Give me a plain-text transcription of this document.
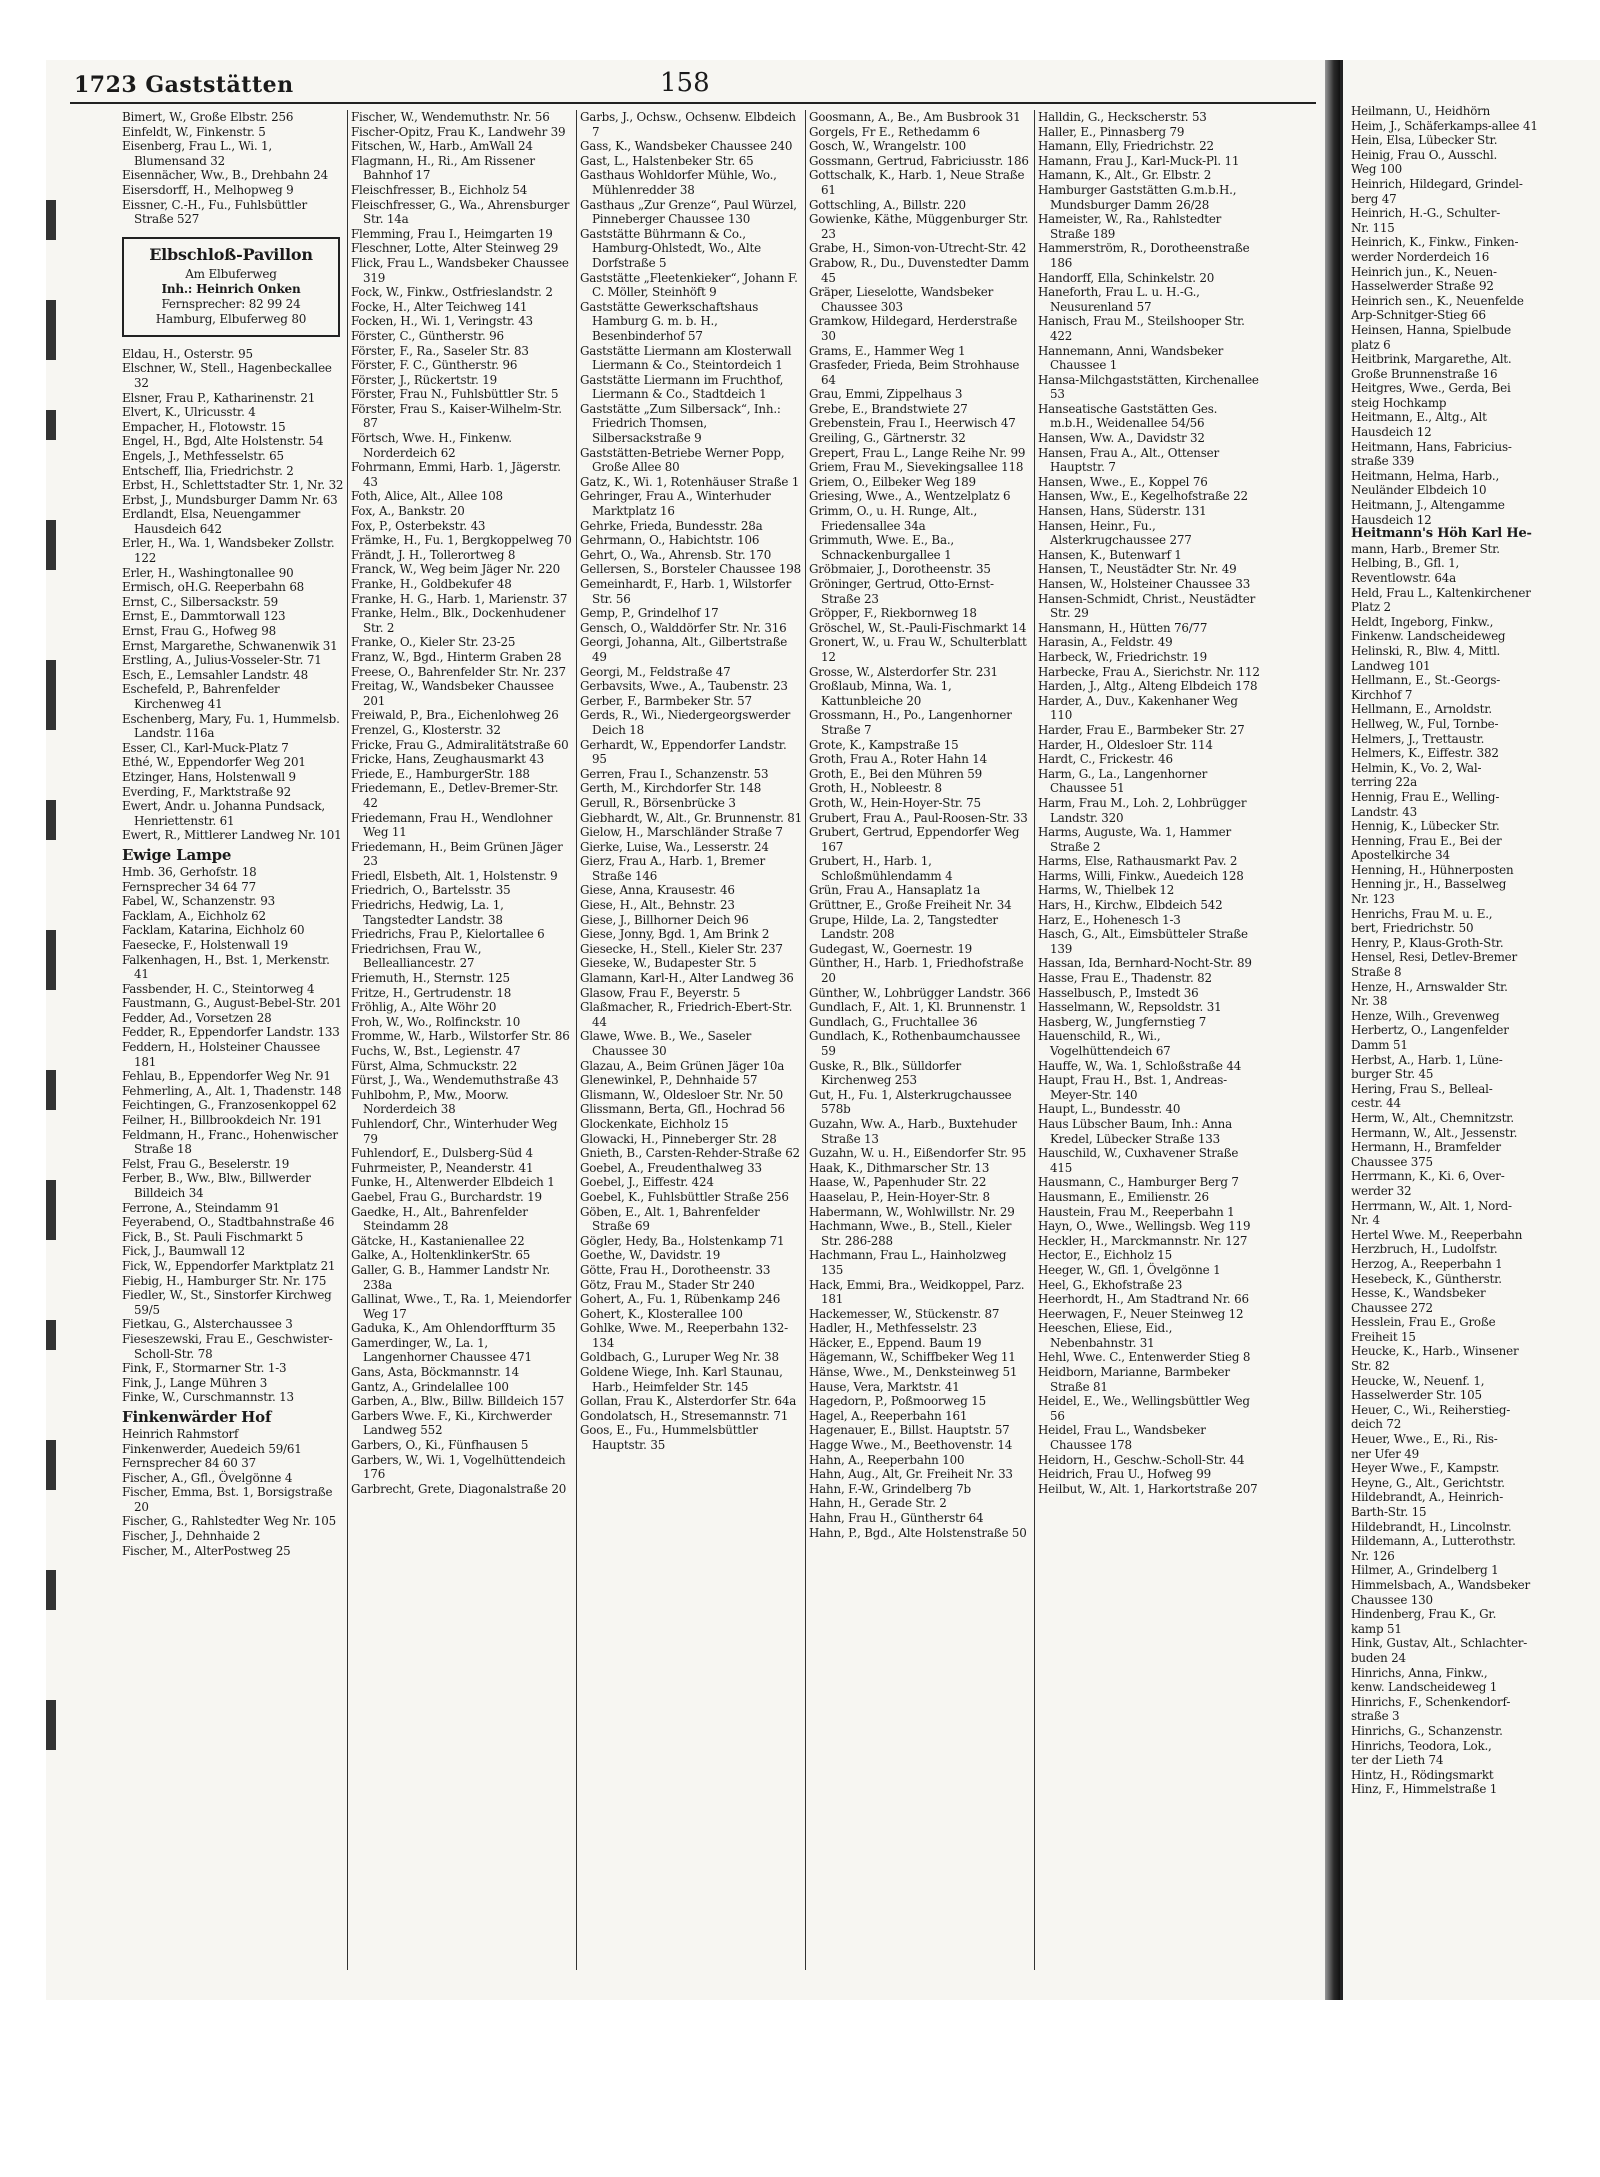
Heilmann, U., Heidhörn
Heim, J., Schäferkamps-allee 41
Hein, Elsa, Lübecker Str.
Heinig, Frau O., Ausschl.
Weg 100
Heinrich, Hildegard, Grindel-
berg 47
Heinrich, H.-G., Schulter-
Nr. 115
Heinrich, K., Finkw., Finken-
werder Norderdeich 16
Heinrich jun., K., Neuen-
Hasselwerder Straße 92
Heinrich sen., K., Neuenfelde
Arp-Schnitger-Stieg 66
Heinsen, Hanna, Spielbude
platz 6
Heitbrink, Margarethe, Alt.
Große Brunnenstraße 16
Heitgres, Wwe., Gerda, Bei
steig Hochkamp
Heitmann, E., Altg., Alt
Hausdeich 12
Heitmann, Hans, Fabricius-
straße 339
Heitmann, Helma, Harb.,
Neuländer Elbdeich 10
Heitmann, J., Altengamme
Hausdeich 12
Heitmann's Höh Karl He-
mann, Harb., Bremer Str.
Helbing, B., Gfl. 1,
Reventlowstr. 64a
Held, Frau L., Kaltenkirchener
Platz 2
Heldt, Ingeborg, Finkw.,
Finkenw. Landscheideweg
Helinski, R., Blw. 4, Mittl.
Landweg 101
Hellmann, E., St.-Georgs-
Kirchhof 7
Hellmann, E., Arnoldstr.
Hellweg, W., Ful, Tornbe-
Helmers, J., Trettaustr.
Helmers, K., Eiffestr. 382
Helmin, K., Vo. 2, Wal-
terring 22a
Hennig, Frau E., Welling-
Landstr. 43
Hennig, K., Lübecker Str.
Henning, Frau E., Bei der
Apostelkirche 34
Henning, H., Hühnerposten
Henning jr., H., Basselweg
Nr. 123
Henrichs, Frau M. u. E.,
bert, Friedrichstr. 50
Henry, P., Klaus-Groth-Str.
Hensel, Resi, Detlev-Bremer
Straße 8
Henze, H., Arnswalder Str.
Nr. 38
Henze, Wilh., Grevenweg
Herbertz, O., Langenfelder
Damm 51
Herbst, A., Harb. 1, Lüne-
burger Str. 45
Hering, Frau S., Belleal-
cestr. 44
Herm, W., Alt., Chemnitzstr.
Hermann, W., Alt., Jessenstr.
Hermann, H., Bramfelder
Chaussee 375
Herrmann, K., Ki. 6, Over-
werder 32
Herrmann, W., Alt. 1, Nord-
Nr. 4
Hertel Wwe. M., Reeperbahn
Herzbruch, H., Ludolfstr.
Herzog, A., Reeperbahn 1
Hesebeck, K., Güntherstr.
Hesse, K., Wandsbeker
Chaussee 272
Hesslein, Frau E., Große
Freiheit 15
Heucke, K., Harb., Winsener
Str. 82
Heucke, W., Neuenf. 1,
Hasselwerder Str. 105
Heuer, C., Wi., Reiherstieg-
deich 72
Heuer, Wwe., E., Ri., Ris-
ner Ufer 49
Heyer Wwe., F., Kampstr.
Heyne, G., Alt., Gerichtstr.
Hildebrandt, A., Heinrich-
Barth-Str. 15
Hildebrandt, H., Lincolnstr.
Hildemann, A., Lutterothstr.
Nr. 126
Hilmer, A., Grindelberg 1
Himmelsbach, A., Wandsbeker
Chaussee 130
Hindenberg, Frau K., Gr.
kamp 51
Hink, Gustav, Alt., Schlachter-
buden 24
Hinrichs, Anna, Finkw.,
kenw. Landscheideweg 1
Hinrichs, F., Schenkendorf-
straße 3
Hinrichs, G., Schanzenstr.
Hinrichs, Teodora, Lok.,
ter der Lieth 74
Hintz, H., Rödingsmarkt
Hinz, F., Himmelstraße 1
1723 Gaststätten	158
Bimert, W., Große Elbstr. 256
Einfeldt, W., Finkenstr. 5
Eisenberg, Frau L., Wi. 1, Blumensand 32
Eisennächer, Ww., B., Drehbahn 24
Eisersdorff, H., Melhopweg 9
Eissner, C.-H., Fu., Fuhlsbüttler Straße 527
Elbschloß-Pavillon
Am Elbuferweg
Inh.: Heinrich Onken
Fernsprecher: 82 99 24
Hamburg, Elbuferweg 80
Eldau, H., Osterstr. 95
Elschner, W., Stell., Hagenbeckallee 32
Elsner, Frau P., Katharinenstr. 21
Elvert, K., Ulricusstr. 4
Empacher, H., Flotowstr. 15
Engel, H., Bgd, Alte Holstenstr. 54
Engels, J., Methfesselstr. 65
Entscheff, Ilia, Friedrichstr. 2
Erbst, H., Schlettstadter Str. 1, Nr. 32
Erbst, J., Mundsburger Damm Nr. 63
Erdlandt, Elsa, Neuengammer Hausdeich 642
Erler, H., Wa. 1, Wandsbeker Zollstr. 122
Erler, H., Washingtonallee 90
Ermisch, oH.G. Reeperbahn 68
Ernst, C., Silbersackstr. 59
Ernst, E., Dammtorwall 123
Ernst, Frau G., Hofweg 98
Ernst, Margarethe, Schwanenwik 31
Erstling, A., Julius-Vosseler-Str. 71
Esch, E., Lemsahler Landstr. 48
Eschefeld, P., Bahrenfelder Kirchenweg 41
Eschenberg, Mary, Fu. 1, Hummelsb. Landstr. 116a
Esser, Cl., Karl-Muck-Platz 7
Ethé, W., Eppendorfer Weg 201
Etzinger, Hans, Holstenwall 9
Everding, F., Marktstraße 92
Ewert, Andr. u. Johanna Pundsack, Henriettenstr. 61
Ewert, R., Mittlerer Landweg Nr. 101
Ewige Lampe
Hmb. 36, Gerhofstr. 18
Fernsprecher 34 64 77
Fabel, W., Schanzenstr. 93
Facklam, A., Eichholz 62
Facklam, Katarina, Eichholz 60
Faesecke, F., Holstenwall 19
Falkenhagen, H., Bst. 1, Merkenstr. 41
Fassbender, H. C., Steintorweg 4
Faustmann, G., August-Bebel-Str. 201
Fedder, Ad., Vorsetzen 28
Fedder, R., Eppendorfer Landstr. 133
Feddern, H., Holsteiner Chaussee 181
Fehlau, B., Eppendorfer Weg Nr. 91
Fehmerling, A., Alt. 1, Thadenstr. 148
Feichtingen, G., Franzosenkoppel 62
Feilner, H., Billbrookdeich Nr. 191
Feldmann, H., Franc., Hohenwischer Straße 18
Felst, Frau G., Beselerstr. 19
Ferber, B., Ww., Blw., Billwerder Billdeich 34
Ferrone, A., Steindamm 91
Feyerabend, O., Stadtbahnstraße 46
Fick, B., St. Pauli Fischmarkt 5
Fick, J., Baumwall 12
Fick, W., Eppendorfer Marktplatz 21
Fiebig, H., Hamburger Str. Nr. 175
Fiedler, W., St., Sinstorfer Kirchweg 59/5
Fietkau, G., Alsterchaussee 3
Fieseszewski, Frau E., Geschwister-Scholl-Str. 78
Fink, F., Stormarner Str. 1-3
Fink, J., Lange Mühren 3
Finke, W., Curschmannstr. 13
Finkenwärder Hof
Heinrich Rahmstorf
Finkenwerder, Auedeich 59/61
Fernsprecher 84 60 37
Fischer, A., Gfl., Övelgönne 4
Fischer, Emma, Bst. 1, Borsigstraße 20
Fischer, G., Rahlstedter Weg Nr. 105
Fischer, J., Dehnhaide 2
Fischer, M., AlterPostweg 25
Fischer, W., Wendemuthstr. Nr. 56
Fischer-Opitz, Frau K., Landwehr 39
Fitschen, W., Harb., AmWall 24
Flagmann, H., Ri., Am Rissener Bahnhof 17
Fleischfresser, B., Eichholz 54
Fleischfresser, G., Wa., Ahrensburger Str. 14a
Flemming, Frau I., Heimgarten 19
Fleschner, Lotte, Alter Steinweg 29
Flick, Frau L., Wandsbeker Chaussee 319
Fock, W., Finkw., Ostfrieslandstr. 2
Focke, H., Alter Teichweg 141
Focken, H., Wi. 1, Veringstr. 43
Förster, C., Güntherstr. 96
Förster, F., Ra., Saseler Str. 83
Förster, F. C., Güntherstr. 96
Förster, J., Rückertstr. 19
Förster, Frau N., Fuhlsbüttler Str. 5
Förster, Frau S., Kaiser-Wilhelm-Str. 87
Förtsch, Wwe. H., Finkenw. Norderdeich 62
Fohrmann, Emmi, Harb. 1, Jägerstr. 43
Foth, Alice, Alt., Allee 108
Fox, A., Bankstr. 20
Fox, P., Osterbekstr. 43
Främke, H., Fu. 1, Bergkoppelweg 70
Frändt, J. H., Tollerortweg 8
Franck, W., Weg beim Jäger Nr. 220
Franke, H., Goldbekufer 48
Franke, H. G., Harb. 1, Marienstr. 37
Franke, Helm., Blk., Dockenhudener Str. 2
Franke, O., Kieler Str. 23-25
Franz, W., Bgd., Hinterm Graben 28
Freese, O., Bahrenfelder Str. Nr. 237
Freitag, W., Wandsbeker Chaussee 201
Freiwald, P., Bra., Eichenlohweg 26
Frenzel, G., Klosterstr. 32
Fricke, Frau G., Admiralitätstraße 60
Fricke, Hans, Zeughausmarkt 43
Friede, E., HamburgerStr. 188
Friedemann, E., Detlev-Bremer-Str. 42
Friedemann, Frau H., Wendlohner Weg 11
Friedemann, H., Beim Grünen Jäger 23
Friedl, Elsbeth, Alt. 1, Holstenstr. 9
Friedrich, O., Bartelsstr. 35
Friedrichs, Hedwig, La. 1, Tangstedter Landstr. 38
Friedrichs, Frau P., Kielortallee 6
Friedrichsen, Frau W., Bellealliancestr. 27
Friemuth, H., Sternstr. 125
Fritze, H., Gertrudenstr. 18
Fröhlig, A., Alte Wöhr 20
Froh, W., Wo., Rolfinckstr. 10
Fromme, W., Harb., Wilstorfer Str. 86
Fuchs, W., Bst., Legienstr. 47
Fürst, Alma, Schmuckstr. 22
Fürst, J., Wa., Wendemuthstraße 43
Fuhlbohm, P., Mw., Moorw. Norderdeich 38
Fuhlendorf, Chr., Winterhuder Weg 79
Fuhlendorf, E., Dulsberg-Süd 4
Fuhrmeister, P., Neanderstr. 41
Funke, H., Altenwerder Elbdeich 1
Gaebel, Frau G., Burchardstr. 19
Gaedke, H., Alt., Bahrenfelder Steindamm 28
Gätcke, H., Kastanienallee 22
Galke, A., HoltenklinkerStr. 65
Galler, G. B., Hammer Landstr Nr. 238a
Gallinat, Wwe., T., Ra. 1, Meiendorfer Weg 17
Gaduka, K., Am Ohlendorffturm 35
Gamerdinger, W., La. 1, Langenhorner Chaussee 471
Gans, Asta, Böckmannstr. 14
Gantz, A., Grindelallee 100
Garben, A., Blw., Billw. Billdeich 157
Garbers Wwe. F., Ki., Kirchwerder Landweg 552
Garbers, O., Ki., Fünfhausen 5
Garbers, W., Wi. 1, Vogelhüttendeich 176
Garbrecht, Grete, Diagonalstraße 20
Garbs, J., Ochsw., Ochsenw. Elbdeich 7
Gass, K., Wandsbeker Chaussee 240
Gast, L., Halstenbeker Str. 65
Gasthaus Wohldorfer Mühle, Wo., Mühlenredder 38
Gasthaus „Zur Grenze“, Paul Würzel, Pinneberger Chaussee 130
Gaststätte Bührmann & Co., Hamburg-Ohlstedt, Wo., Alte Dorfstraße 5
Gaststätte „Fleetenkieker“, Johann F. C. Möller, Steinhöft 9
Gaststätte Gewerkschaftshaus Hamburg G. m. b. H., Besenbinderhof 57
Gaststätte Liermann am Klosterwall Liermann & Co., Steintordeich 1
Gaststätte Liermann im Fruchthof, Liermann & Co., Stadtdeich 1
Gaststätte „Zum Silbersack“, Inh.: Friedrich Thomsen, Silbersackstraße 9
Gaststätten-Betriebe Werner Popp, Große Allee 80
Gatz, K., Wi. 1, Rotenhäuser Straße 1
Gehringer, Frau A., Winterhuder Marktplatz 16
Gehrke, Frieda, Bundesstr. 28a
Gehrmann, O., Habichtstr. 106
Gehrt, O., Wa., Ahrensb. Str. 170
Gellersen, S., Borsteler Chaussee 198
Gemeinhardt, F., Harb. 1, Wilstorfer Str. 56
Gemp, P., Grindelhof 17
Gensch, O., Walddörfer Str. Nr. 316
Georgi, Johanna, Alt., Gilbertstraße 49
Georgi, M., Feldstraße 47
Gerbavsits, Wwe., A., Taubenstr. 23
Gerber, F., Barmbeker Str. 57
Gerds, R., Wi., Niedergeorgswerder Deich 18
Gerhardt, W., Eppendorfer Landstr. 95
Gerren, Frau I., Schanzenstr. 53
Gerth, M., Kirchdorfer Str. 148
Gerull, R., Börsenbrücke 3
Giebhardt, W., Alt., Gr. Brunnenstr. 81
Gielow, H., Marschländer Straße 7
Gierke, Luise, Wa., Lesserstr. 24
Gierz, Frau A., Harb. 1, Bremer Straße 146
Giese, Anna, Krausestr. 46
Giese, H., Alt., Behnstr. 23
Giese, J., Billhorner Deich 96
Giese, Jonny, Bgd. 1, Am Brink 2
Giesecke, H., Stell., Kieler Str. 237
Gieseke, W., Budapester Str. 5
Glamann, Karl-H., Alter Landweg 36
Glasow, Frau F., Beyerstr. 5
Glaßmacher, R., Friedrich-Ebert-Str. 44
Glawe, Wwe. B., We., Saseler Chaussee 30
Glazau, A., Beim Grünen Jäger 10a
Glenewinkel, P., Dehnhaide 57
Glismann, W., Oldesloer Str. Nr. 50
Glissmann, Berta, Gfl., Hochrad 56
Glockenkate, Eichholz 15
Glowacki, H., Pinneberger Str. 28
Gnieth, B., Carsten-Rehder-Straße 62
Goebel, A., Freudenthalweg 33
Goebel, J., Eiffestr. 424
Goebel, K., Fuhlsbüttler Straße 256
Göben, E., Alt. 1, Bahrenfelder Straße 69
Gögler, Hedy, Ba., Holstenkamp 71
Goethe, W., Davidstr. 19
Götte, Frau H., Dorotheenstr. 33
Götz, Frau M., Stader Str 240
Gohert, A., Fu. 1, Rübenkamp 246
Gohert, K., Klosterallee 100
Gohlke, Wwe. M., Reeperbahn 132-134
Goldbach, G., Luruper Weg Nr. 38
Goldene Wiege, Inh. Karl Staunau, Harb., Heimfelder Str. 145
Gollan, Frau K., Alsterdorfer Str. 64a
Gondolatsch, H., Stresemannstr. 71
Goos, E., Fu., Hummelsbüttler Hauptstr. 35
Goosmann, A., Be., Am Busbrook 31
Gorgels, Fr E., Rethedamm 6
Gosch, W., Wrangelstr. 100
Gossmann, Gertrud, Fabriciusstr. 186
Gottschalk, K., Harb. 1, Neue Straße 61
Gottschling, A., Billstr. 220
Gowienke, Käthe, Müggenburger Str. 23
Grabe, H., Simon-von-Utrecht-Str. 42
Grabow, R., Du., Duvenstedter Damm 45
Gräper, Lieselotte, Wandsbeker Chaussee 303
Gramkow, Hildegard, Herderstraße 30
Grams, E., Hammer Weg 1
Grasfeder, Frieda, Beim Strohhause 64
Grau, Emmi, Zippelhaus 3
Grebe, E., Brandstwiete 27
Grebenstein, Frau I., Heerwisch 47
Greiling, G., Gärtnerstr. 32
Grepert, Frau L., Lange Reihe Nr. 99
Griem, Frau M., Sievekingsallee 118
Griem, O., Eilbeker Weg 189
Griesing, Wwe., A., Wentzelplatz 6
Grimm, O., u. H. Runge, Alt., Friedensallee 34a
Grimmuth, Wwe. E., Ba., Schnackenburgallee 1
Gröbmaier, J., Dorotheenstr. 35
Gröninger, Gertrud, Otto-Ernst-Straße 23
Gröpper, F., Riekbornweg 18
Gröschel, W., St.-Pauli-Fischmarkt 14
Gronert, W., u. Frau W., Schulterblatt 12
Grosse, W., Alsterdorfer Str. 231
Großlaub, Minna, Wa. 1, Kattunbleiche 20
Grossmann, H., Po., Langenhorner Straße 7
Grote, K., Kampstraße 15
Groth, Frau A., Roter Hahn 14
Groth, E., Bei den Mühren 59
Groth, H., Nobleestr. 8
Groth, W., Hein-Hoyer-Str. 75
Grubert, Frau A., Paul-Roosen-Str. 33
Grubert, Gertrud, Eppendorfer Weg 167
Grubert, H., Harb. 1, Schloßmühlendamm 4
Grün, Frau A., Hansaplatz 1a
Grüttner, E., Große Freiheit Nr. 34
Grupe, Hilde, La. 2, Tangstedter Landstr. 208
Gudegast, W., Goernestr. 19
Günther, H., Harb. 1, Friedhofstraße 20
Günther, W., Lohbrügger Landstr. 366
Gundlach, F., Alt. 1, Kl. Brunnenstr. 1
Gundlach, G., Fruchtallee 36
Gundlach, K., Rothenbaumchaussee 59
Guske, R., Blk., Sülldorfer Kirchenweg 253
Gut, H., Fu. 1, Alsterkrugchaussee 578b
Guzahn, Ww. A., Harb., Buxtehuder Straße 13
Guzahn, W. u. H., Eißendorfer Str. 95
Haak, K., Dithmarscher Str. 13
Haase, W., Papenhuder Str. 22
Haaselau, P., Hein-Hoyer-Str. 8
Habermann, W., Wohlwillstr. Nr. 29
Hachmann, Wwe., B., Stell., Kieler Str. 286-288
Hachmann, Frau L., Hainholzweg 135
Hack, Emmi, Bra., Weidkoppel, Parz. 181
Hackemesser, W., Stückenstr. 87
Hadler, H., Methfesselstr. 23
Häcker, E., Eppend. Baum 19
Hägemann, W., Schiffbeker Weg 11
Hänse, Wwe., M., Denksteinweg 51
Hause, Vera, Marktstr. 41
Hagedorn, P., Poßmoorweg 15
Hagel, A., Reeperbahn 161
Hagenauer, E., Billst. Hauptstr. 57
Hagge Wwe., M., Beethovenstr. 14
Hahn, A., Reeperbahn 100
Hahn, Aug., Alt, Gr. Freiheit Nr. 33
Hahn, F.-W., Grindelberg 7b
Hahn, H., Gerade Str. 2
Hahn, Frau H., Güntherstr 64
Hahn, P., Bgd., Alte Holstenstraße 50
Halldin, G., Heckscherstr. 53
Haller, E., Pinnasberg 79
Hamann, Elly, Friedrichstr. 22
Hamann, Frau J., Karl-Muck-Pl. 11
Hamann, K., Alt., Gr. Elbstr. 2
Hamburger Gaststätten G.m.b.H., Mundsburger Damm 26/28
Hameister, W., Ra., Rahlstedter Straße 189
Hammerström, R., Dorotheenstraße 186
Handorff, Ella, Schinkelstr. 20
Haneforth, Frau L. u. H.-G., Neusurenland 57
Hanisch, Frau M., Steilshooper Str. 422
Hannemann, Anni, Wandsbeker Chaussee 1
Hansa-Milchgaststätten, Kirchenallee 53
Hanseatische Gaststätten Ges. m.b.H., Weidenallee 54/56
Hansen, Ww. A., Davidstr 32
Hansen, Frau A., Alt., Ottenser Hauptstr. 7
Hansen, Wwe., E., Koppel 76
Hansen, Ww., E., Kegelhofstraße 22
Hansen, Hans, Süderstr. 131
Hansen, Heinr., Fu., Alsterkrugchaussee 277
Hansen, K., Butenwarf 1
Hansen, T., Neustädter Str. Nr. 49
Hansen, W., Holsteiner Chaussee 33
Hansen-Schmidt, Christ., Neustädter Str. 29
Hansmann, H., Hütten 76/77
Harasin, A., Feldstr. 49
Harbeck, W., Friedrichstr. 19
Harbecke, Frau A., Sierichstr. Nr. 112
Harden, J., Altg., Alteng Elbdeich 178
Harder, A., Duv., Kakenhaner Weg 110
Harder, Frau E., Barmbeker Str. 27
Harder, H., Oldesloer Str. 114
Hardt, C., Frickestr. 46
Harm, G., La., Langenhorner Chaussee 51
Harm, Frau M., Loh. 2, Lohbrügger Landstr. 320
Harms, Auguste, Wa. 1, Hammer Straße 2
Harms, Else, Rathausmarkt Pav. 2
Harms, Willi, Finkw., Auedeich 128
Harms, W., Thielbek 12
Hars, H., Kirchw., Elbdeich 542
Harz, E., Hohenesch 1-3
Hasch, G., Alt., Eimsbütteler Straße 139
Hassan, Ida, Bernhard-Nocht-Str. 89
Hasse, Frau E., Thadenstr. 82
Hasselbusch, P., Imstedt 36
Hasselmann, W., Repsoldstr. 31
Hasberg, W., Jungfernstieg 7
Hauenschild, R., Wi., Vogelhüttendeich 67
Hauffe, W., Wa. 1, Schloßstraße 44
Haupt, Frau H., Bst. 1, Andreas-Meyer-Str. 140
Haupt, L., Bundesstr. 40
Haus Lübscher Baum, Inh.: Anna Kredel, Lübecker Straße 133
Hauschild, W., Cuxhavener Straße 415
Hausmann, C., Hamburger Berg 7
Hausmann, E., Emilienstr. 26
Haustein, Frau M., Reeperbahn 1
Hayn, O., Wwe., Wellingsb. Weg 119
Heckler, H., Marckmannstr. Nr. 127
Hector, E., Eichholz 15
Heeger, W., Gfl. 1, Övelgönne 1
Heel, G., Ekhofstraße 23
Heerhordt, H., Am Stadtrand Nr. 66
Heerwagen, F., Neuer Steinweg 12
Heeschen, Eliese, Eid., Nebenbahnstr. 31
Hehl, Wwe. C., Entenwerder Stieg 8
Heidborn, Marianne, Barmbeker Straße 81
Heidel, E., We., Wellingsbüttler Weg 56
Heidel, Frau L., Wandsbeker Chaussee 178
Heidorn, H., Geschw.-Scholl-Str. 44
Heidrich, Frau U., Hofweg 99
Heilbut, W., Alt. 1, Harkortstraße 207
